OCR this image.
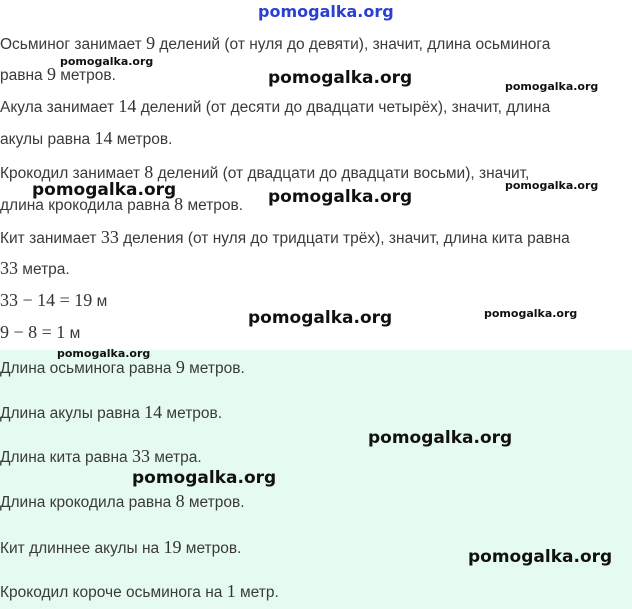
Осьминог занимает 9 делений (от нуля до девяти), значит, длина осьминога
равна 9 метров.
Акула занимает 14 делений (от десяти до двадцати четырёх), значит, длина
акулы равна 14 метров.
Крокодил занимает 8 делений (от двадцати до двадцати восьми), значит,
длина крокодила равна 8 метров.
Кит занимает 33 деления (от нуля до тридцати трёх), значит, длина кита равна
33 метра.
33 − 14 = 19 м
9 − 8 = 1 м
Длина осьминога равна 9 метров.
Длина акулы равна 14 метров.
Длина кита равна 33 метра.
Длина крокодила равна 8 метров.
Кит длиннее акулы на 19 метров.
Крокодил короче осьминога на 1 метр.
pomogalka.org
pomogalka.org
pomogalka.org	pomogalka.org
pomogalka.org	pomogalka.org
pomogalka.org
pomogalka.org	pomogalka.org
pomogalka.org
pomogalka.org
pomogalka.org
pomogalka.org
